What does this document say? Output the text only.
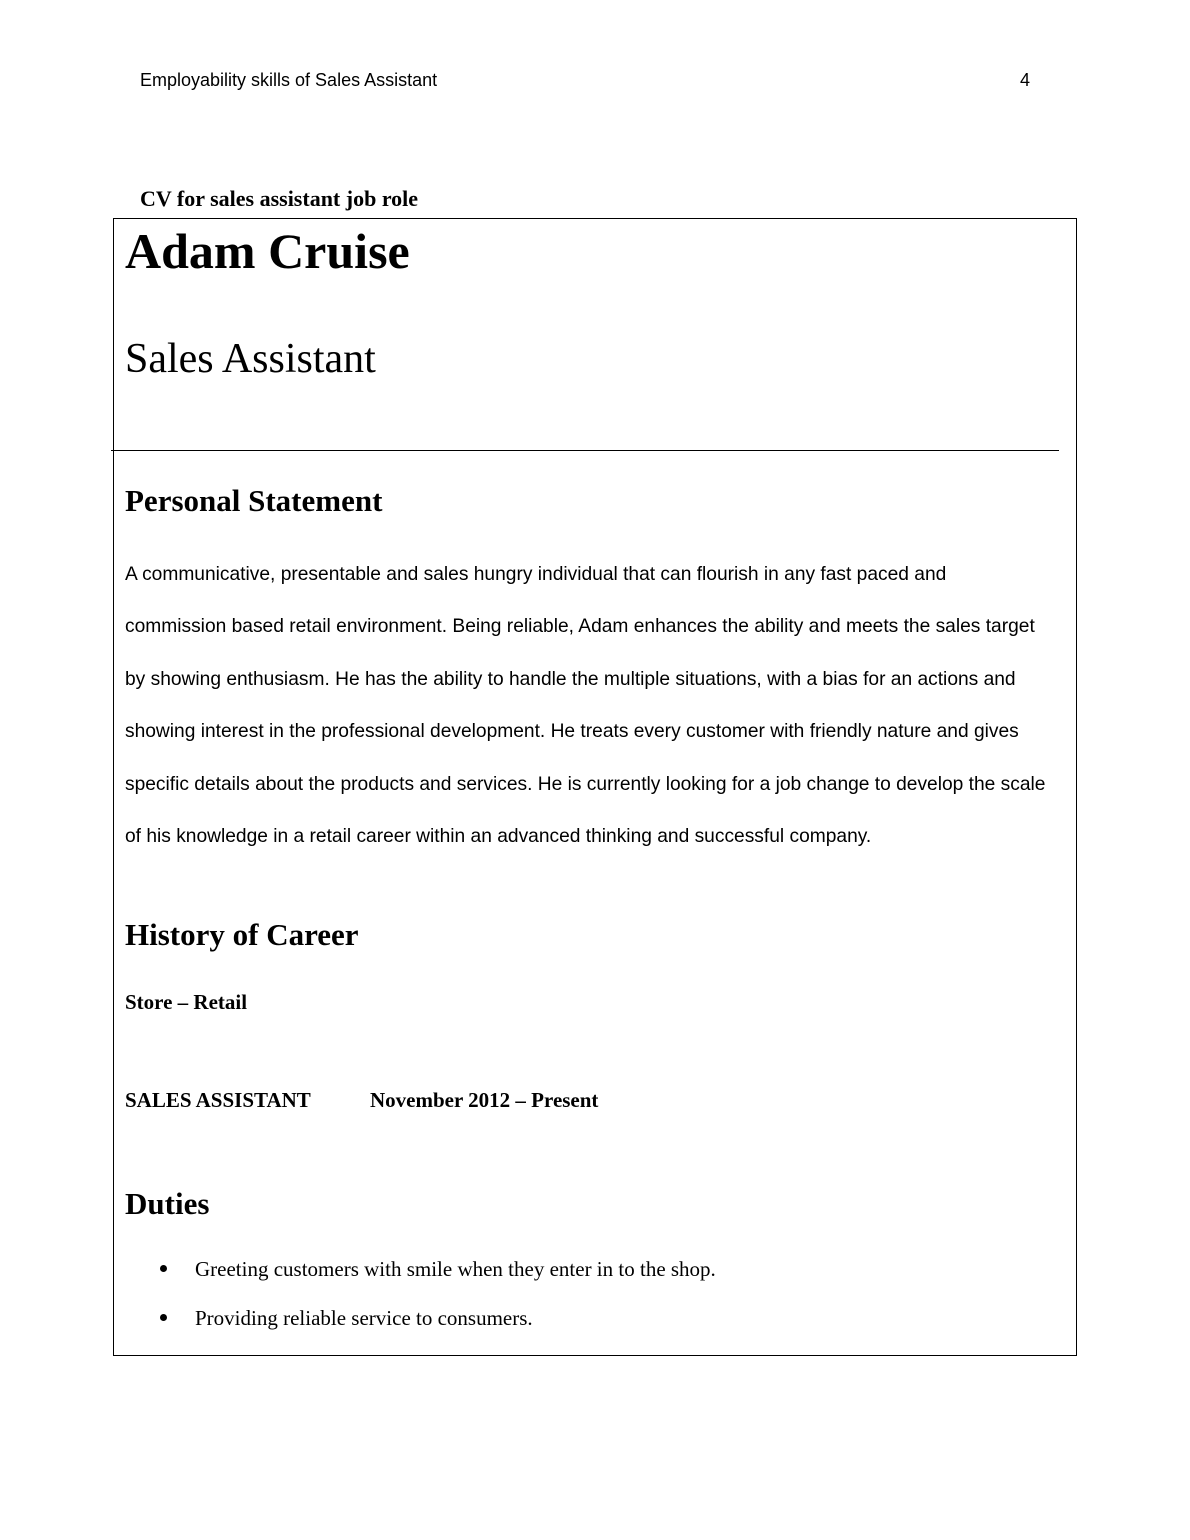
Employability skills of Sales Assistant	4
CV for sales assistant job role
Adam Cruise
Sales Assistant
Personal Statement
A communicative, presentable and sales hungry individual that can flourish in any fast paced and
commission based retail environment. Being reliable, Adam enhances the ability and meets the sales target
by showing enthusiasm. He has the ability to handle the multiple situations, with a bias for an actions and
showing interest in the professional development. He treats every customer with friendly nature and gives
specific details about the products and services. He is currently looking for a job change to develop the scale
of his knowledge in a retail career within an advanced thinking and successful company.
History of Career
Store – Retail
SALES ASSISTANT	November 2012 – Present
Duties
Greeting customers with smile when they enter in to the shop.
Providing reliable service to consumers.
